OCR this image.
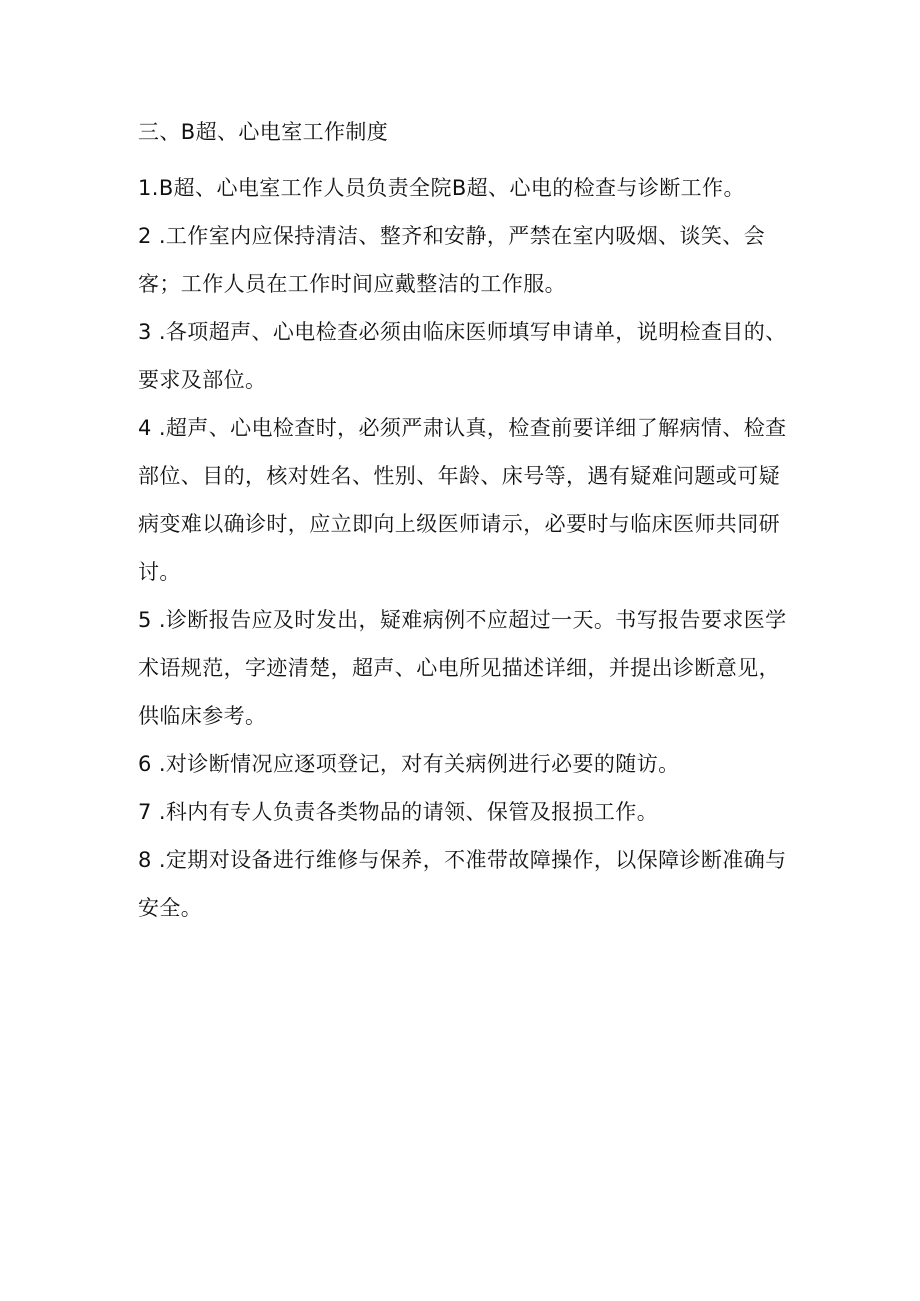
三、B超、心电室工作制度

1.B超、心电室工作人员负责全院B超、心电的检查与诊断工作。

2 .工作室内应保持清洁、整齐和安静，严禁在室内吸烟、谈笑、会客；工作人员在工作时间应戴整洁的工作服。

3 .各项超声、心电检查必须由临床医师填写申请单，说明检查目的、要求及部位。

4 .超声、心电检查时，必须严肃认真，检查前要详细了解病情、检查部位、目的，核对姓名、性别、年龄、床号等，遇有疑难问题或可疑病变难以确诊时，应立即向上级医师请示，必要时与临床医师共同研讨。

5 .诊断报告应及时发出，疑难病例不应超过一天。书写报告要求医学术语规范，字迹清楚，超声、心电所见描述详细，并提出诊断意见，供临床参考。

6 .对诊断情况应逐项登记，对有关病例进行必要的随访。

7 .科内有专人负责各类物品的请领、保管及报损工作。

8 .定期对设备进行维修与保养，不准带故障操作，以保障诊断准确与安全。
